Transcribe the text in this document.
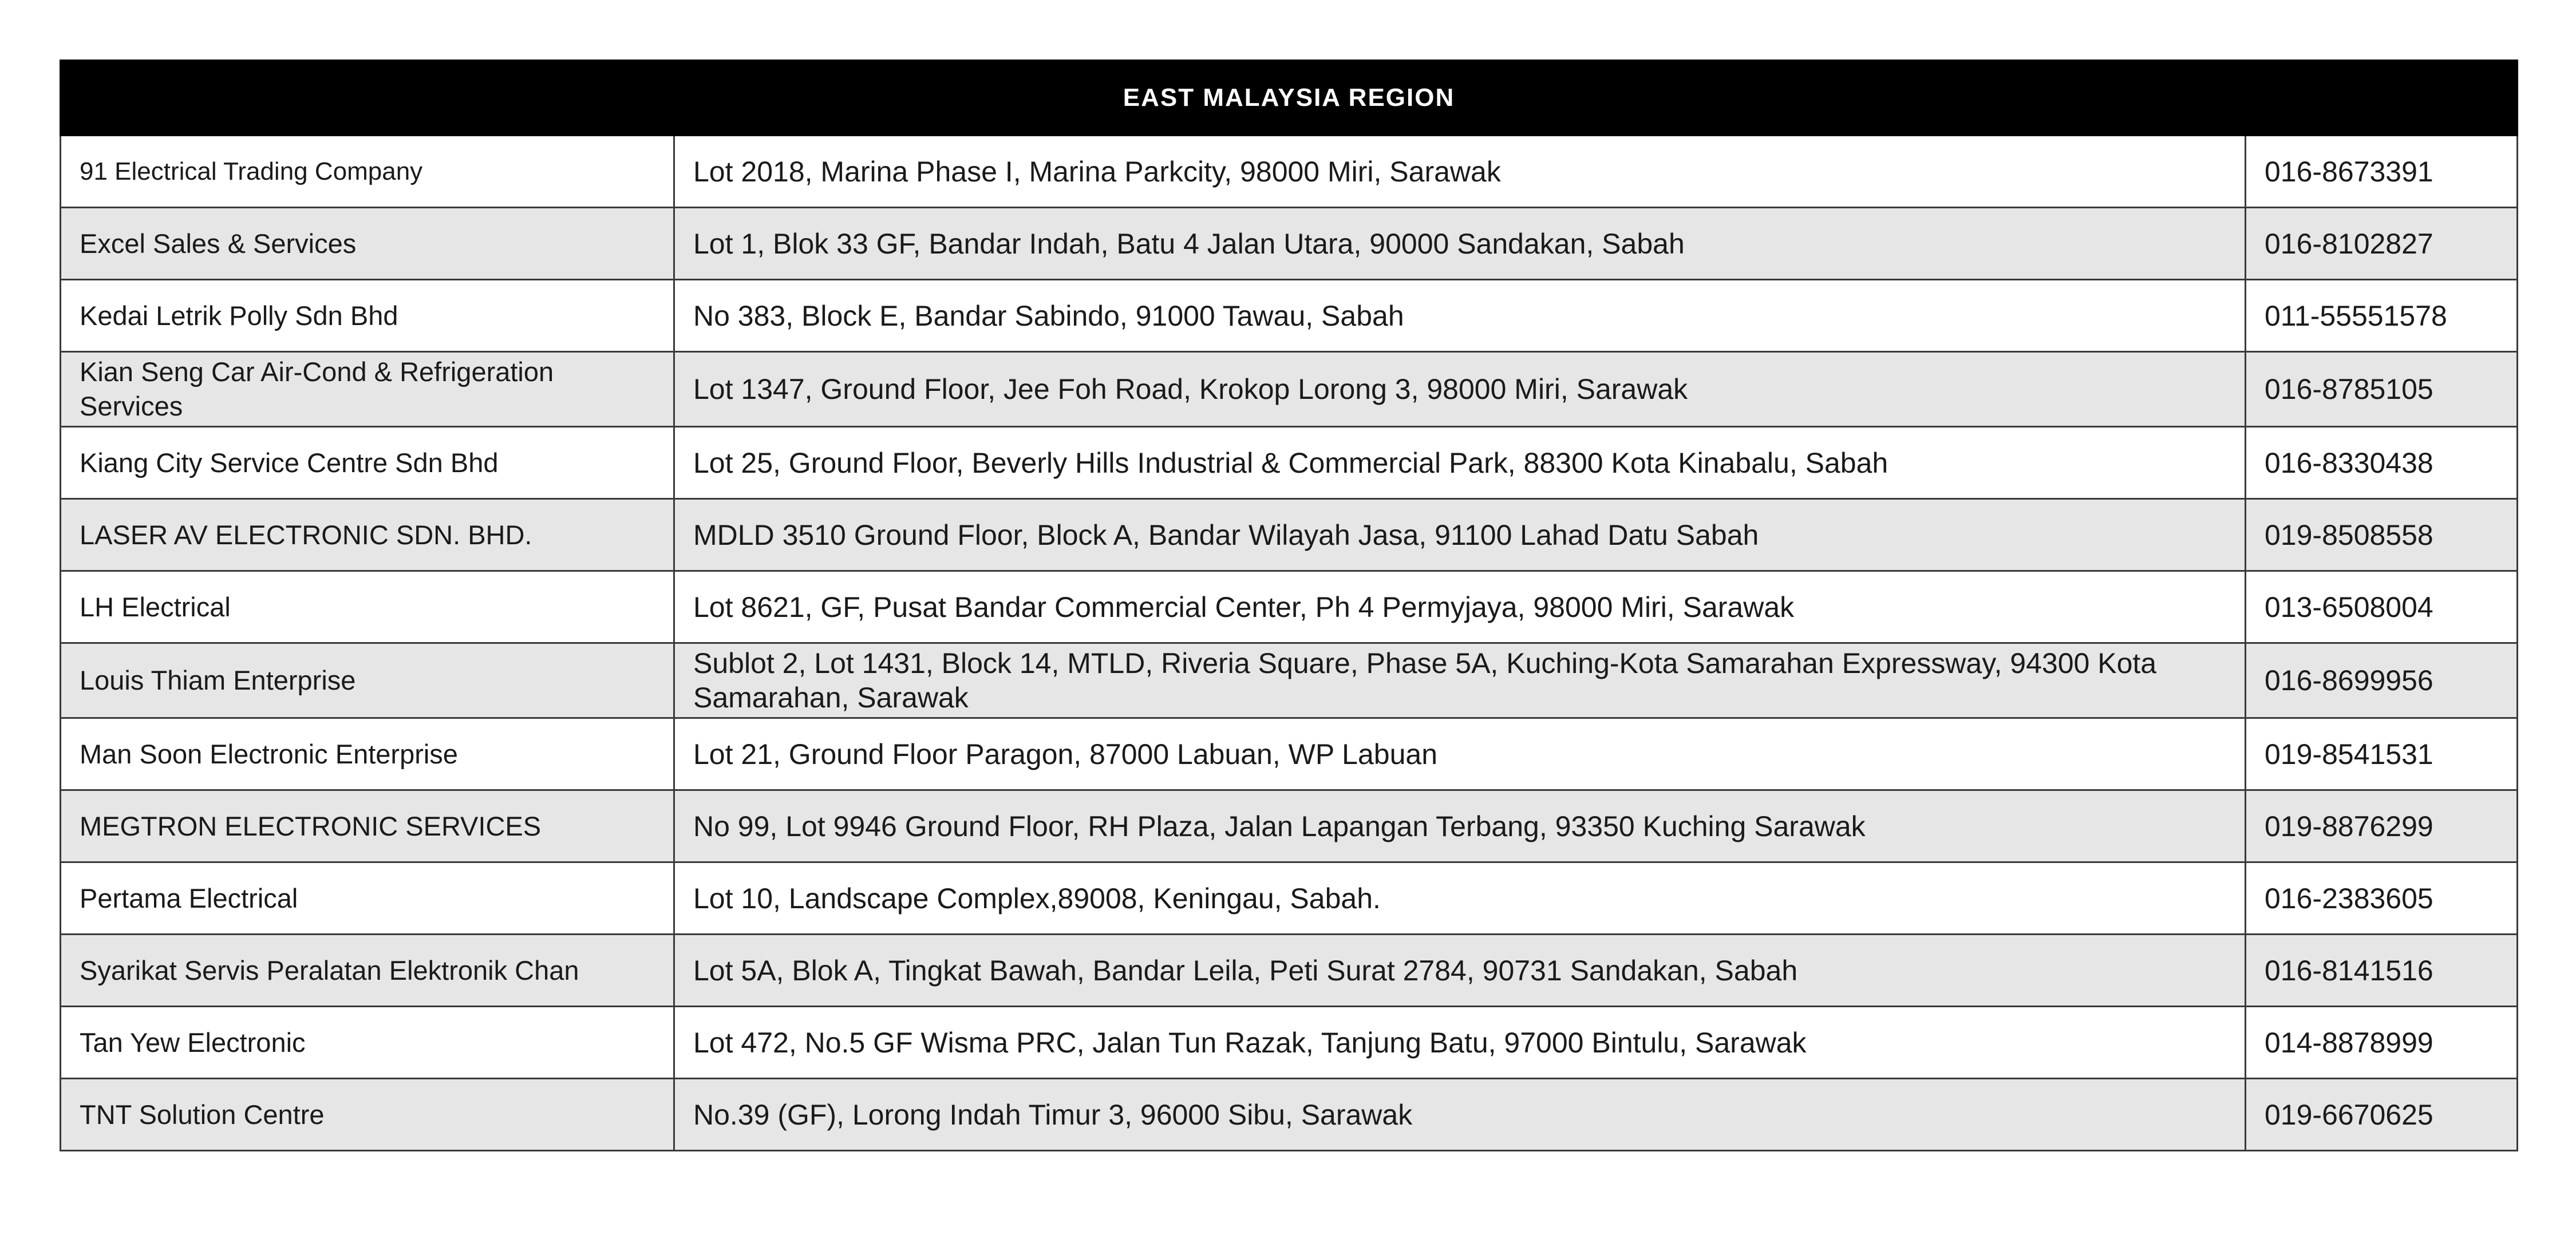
EAST MALAYSIA REGION		
91 Electrical Trading Company	Lot 2018, Marina Phase I, Marina Parkcity, 98000 Miri, Sarawak	016-8673391
Excel Sales & Services	Lot 1, Blok 33 GF, Bandar Indah, Batu 4 Jalan Utara, 90000 Sandakan, Sabah	016-8102827
Kedai Letrik Polly Sdn Bhd	No 383, Block E, Bandar Sabindo, 91000 Tawau, Sabah	011-55551578
Kian Seng Car Air-Cond & Refrigeration Services	Lot 1347, Ground Floor, Jee Foh Road, Krokop Lorong 3, 98000 Miri, Sarawak	016-8785105
Kiang City Service Centre Sdn Bhd	Lot 25, Ground Floor, Beverly Hills Industrial & Commercial Park, 88300 Kota Kinabalu, Sabah	016-8330438
LASER AV ELECTRONIC SDN. BHD.	MDLD 3510 Ground Floor, Block A, Bandar Wilayah Jasa, 91100 Lahad Datu Sabah	019-8508558
LH Electrical	Lot 8621, GF, Pusat Bandar Commercial Center, Ph 4 Permyjaya, 98000 Miri, Sarawak	013-6508004
Louis Thiam Enterprise	Sublot 2, Lot 1431, Block 14, MTLD, Riveria Square, Phase 5A, Kuching-Kota Samarahan Expressway, 94300 Kota Samarahan, Sarawak	016-8699956
Man Soon Electronic Enterprise	Lot 21, Ground Floor Paragon, 87000 Labuan, WP Labuan	019-8541531
MEGTRON ELECTRONIC SERVICES	No 99, Lot 9946 Ground Floor, RH Plaza, Jalan Lapangan Terbang, 93350 Kuching Sarawak	019-8876299
Pertama Electrical	Lot 10, Landscape Complex,89008, Keningau, Sabah.	016-2383605
Syarikat Servis Peralatan Elektronik Chan	Lot 5A, Blok A, Tingkat Bawah, Bandar Leila, Peti Surat 2784, 90731 Sandakan, Sabah	016-8141516
Tan Yew Electronic	Lot 472, No.5 GF Wisma PRC, Jalan Tun Razak, Tanjung Batu, 97000 Bintulu, Sarawak	014-8878999
TNT Solution Centre	No.39 (GF), Lorong Indah Timur 3, 96000 Sibu, Sarawak	019-6670625
